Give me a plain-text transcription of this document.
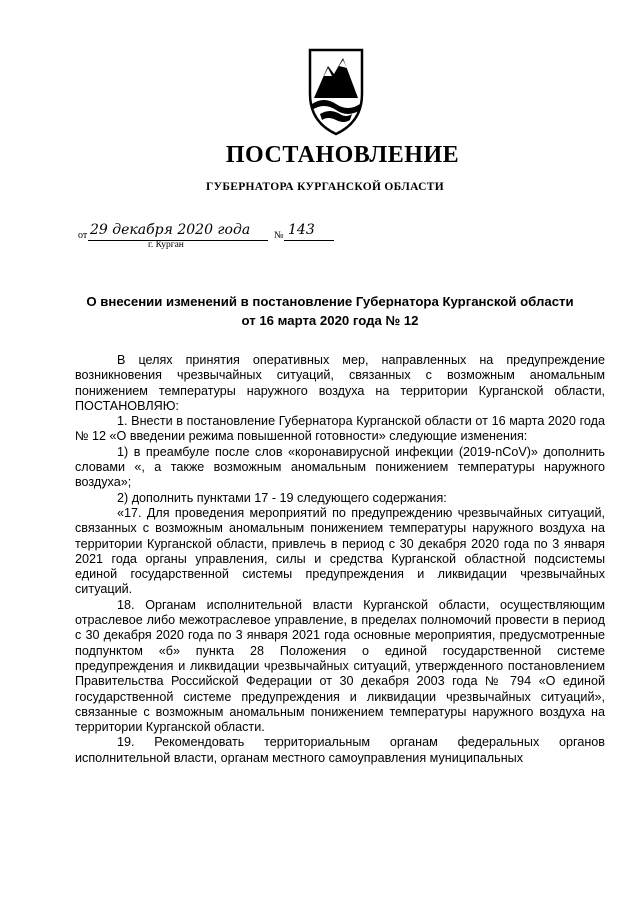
ПОСТАНОВЛЕНИЕ
ГУБЕРНАТОРА КУРГАНСКОЙ ОБЛАСТИ
от 29 декабря 2020 года № 143
г. Курган
О внесении изменений в постановление Губернатора Курганской области
от 16 марта 2020 года № 12

В целях принятия оперативных мер, направленных на предупреждение возникновения чрезвычайных ситуаций, связанных с возможным аномальным понижением температуры наружного воздуха на территории Курганской области, ПОСТАНОВЛЯЮ:

1. Внести в постановление Губернатора Курганской области от 16 марта 2020 года № 12 «О введении режима повышенной готовности» следующие изменения:

1) в преамбуле после слов «коронавирусной инфекции (2019-nCoV)» дополнить словами «, а также возможным аномальным понижением температуры наружного воздуха»;

2) дополнить пунктами 17 - 19 следующего содержания:

«17. Для проведения мероприятий по предупреждению чрезвычайных ситуаций, связанных с возможным аномальным понижением температуры наружного воздуха на территории Курганской области, привлечь в период с 30 декабря 2020 года по 3 января 2021 года органы управления, силы и средства Курганской областной подсистемы единой государственной системы предупреждения и ликвидации чрезвычайных ситуаций.

18. Органам исполнительной власти Курганской области, осуществляющим отраслевое либо межотраслевое управление, в пределах полномочий провести в период с 30 декабря 2020 года по 3 января 2021 года основные мероприятия, предусмотренные подпунктом «б» пункта 28 Положения о единой государственной системе предупреждения и ликвидации чрезвычайных ситуаций, утвержденного постановлением Правительства Российской Федерации от 30 декабря 2003 года № 794 «О единой государственной системе предупреждения и ликвидации чрезвычайных ситуаций», связанные с возможным аномальным понижением температуры наружного воздуха на территории Курганской области.

19. Рекомендовать территориальным органам федеральных органов исполнительной власти, органам местного самоуправления муниципальных
